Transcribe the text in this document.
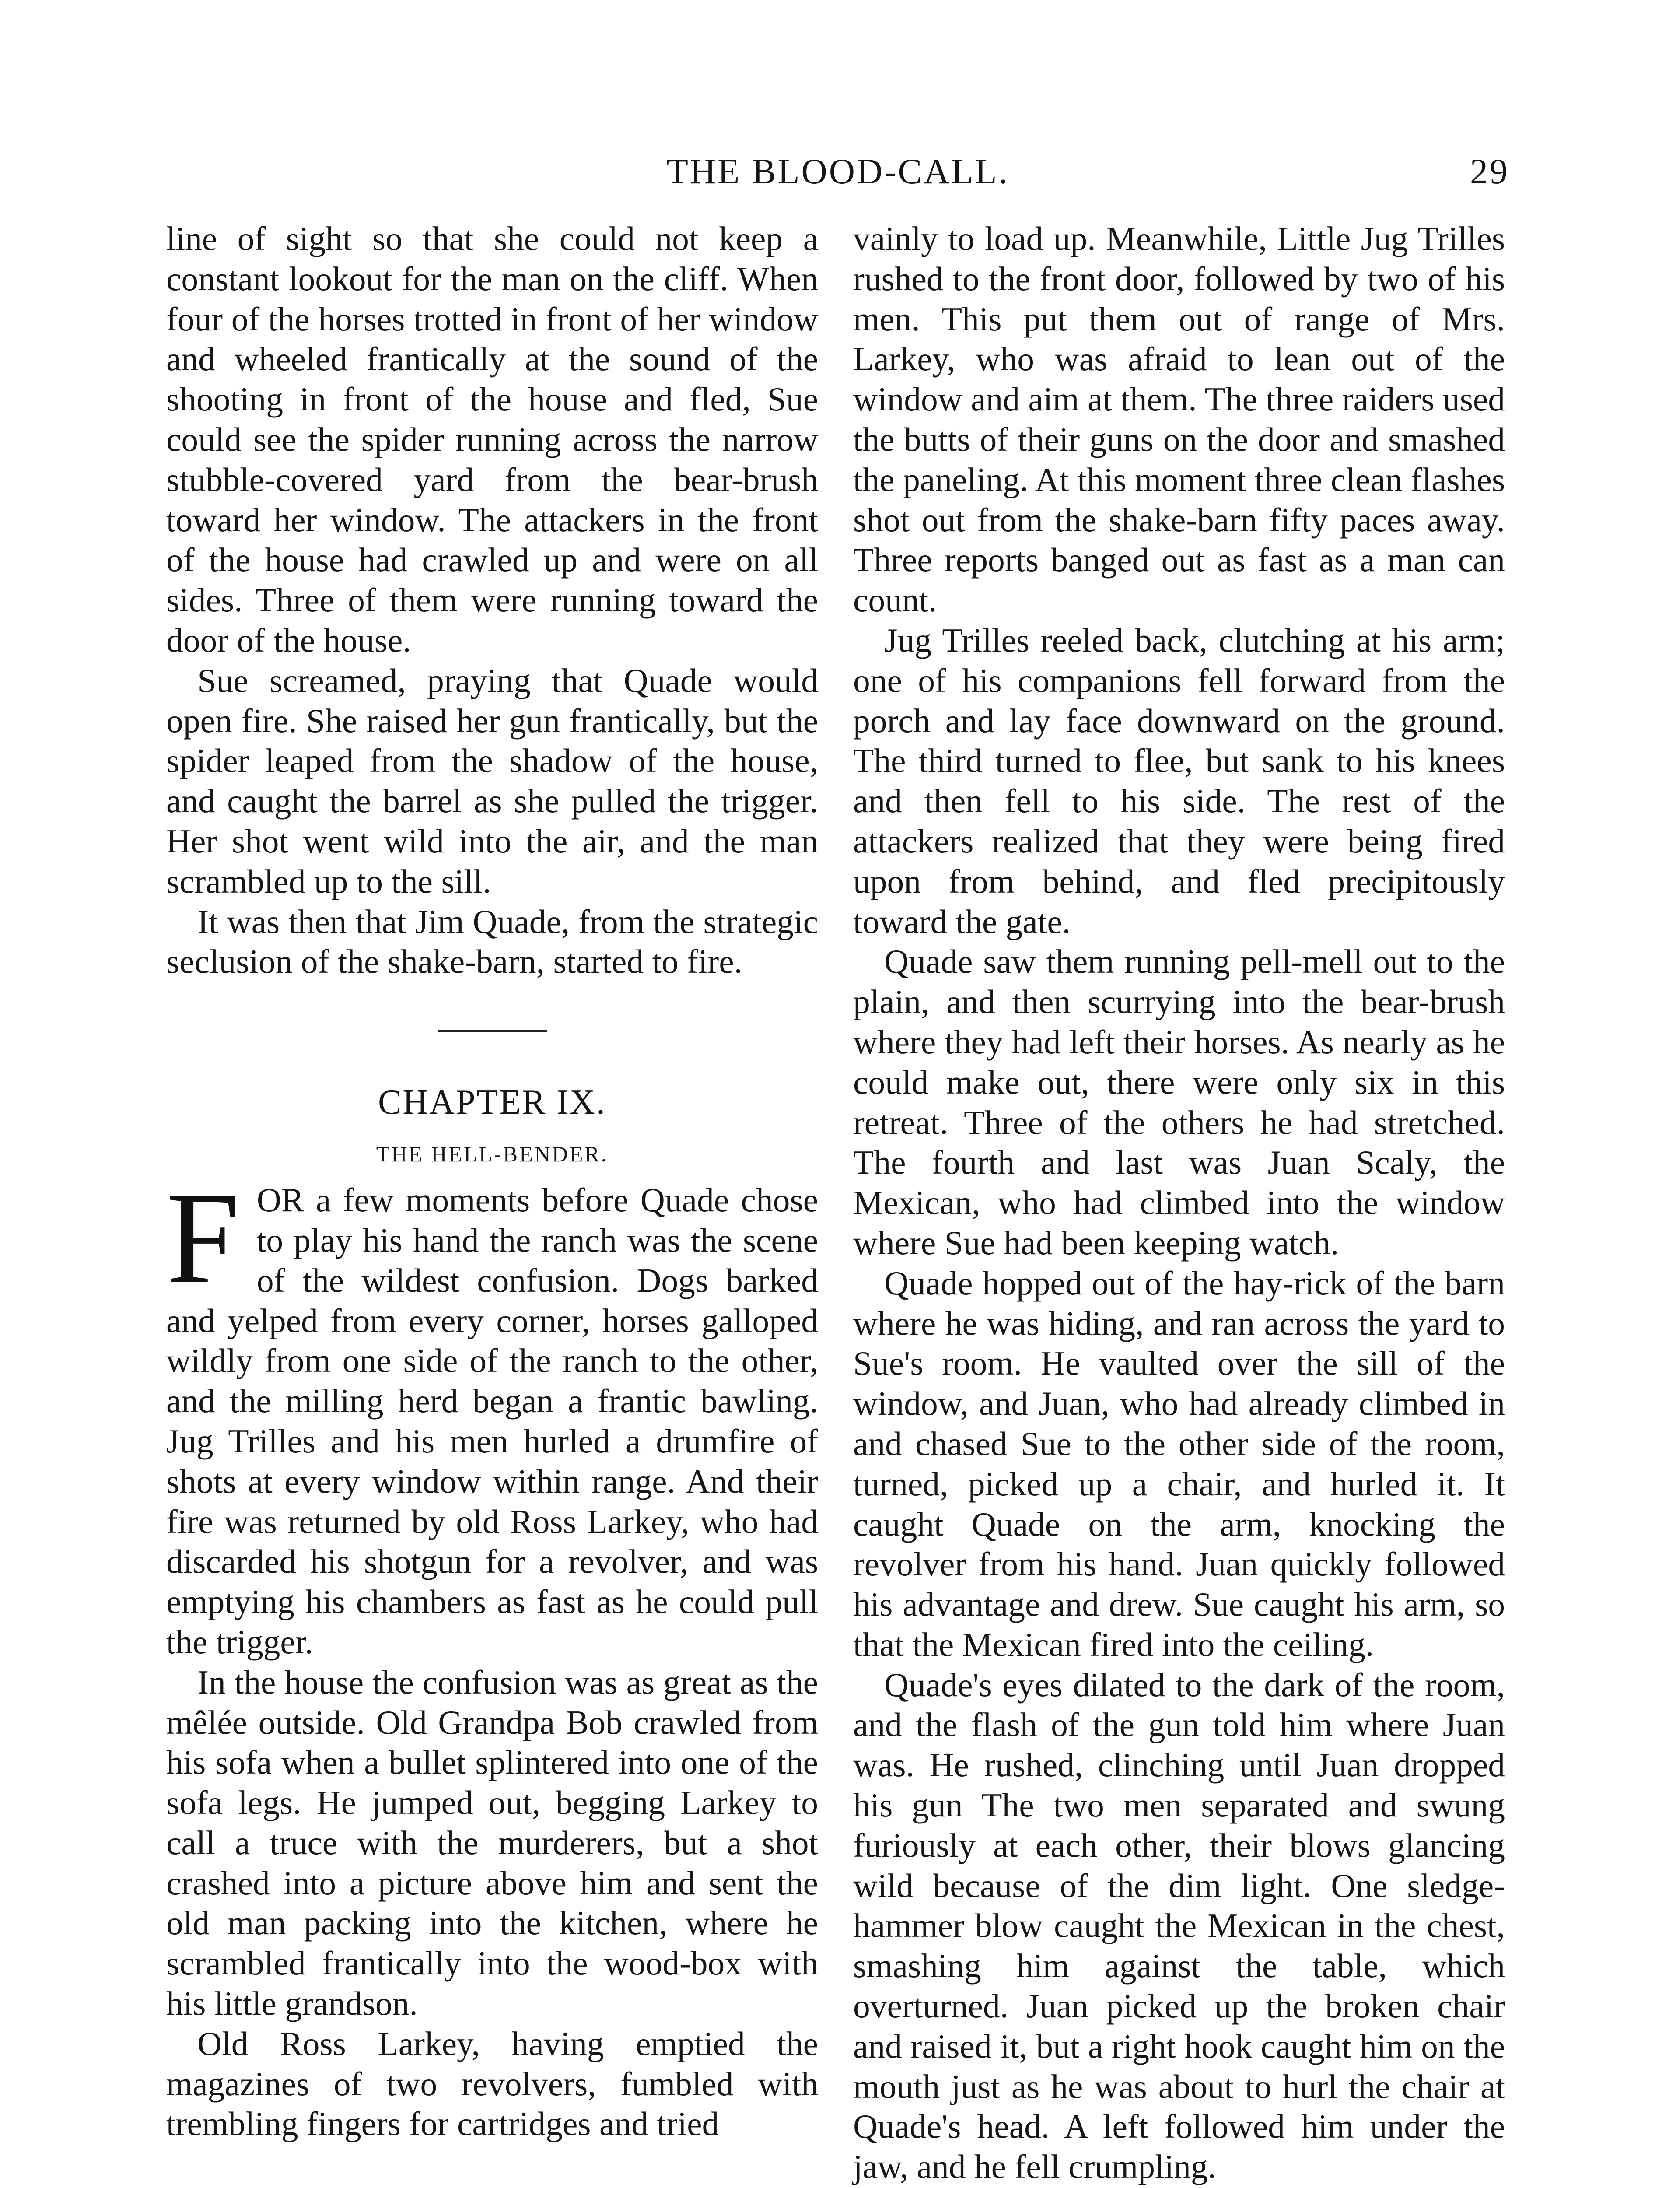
THE BLOOD-CALL.	29

line of sight so that she could not keep a constant lookout for the man on the cliff. When four of the horses trotted in front of her window and wheeled frantically at the sound of the shooting in front of the house and fled, Sue could see the spider running across the narrow stubble-covered yard from the bear-brush toward her window. The attackers in the front of the house had crawled up and were on all sides. Three of them were running toward the door of the house.

Sue screamed, praying that Quade would open fire. She raised her gun frantically, but the spider leaped from the shadow of the house, and caught the barrel as she pulled the trigger. Her shot went wild into the air, and the man scrambled up to the sill.

It was then that Jim Quade, from the strategic seclusion of the shake-barn, started to fire.

CHAPTER IX.
THE HELL-BENDER.

FOR a few moments before Quade chose to play his hand the ranch was the scene of the wildest confusion. Dogs barked and yelped from every corner, horses galloped wildly from one side of the ranch to the other, and the milling herd began a frantic bawling. Jug Trilles and his men hurled a drumfire of shots at every window within range. And their fire was returned by old Ross Larkey, who had discarded his shotgun for a revolver, and was emptying his chambers as fast as he could pull the trigger.

In the house the confusion was as great as the mêlée outside. Old Grandpa Bob crawled from his sofa when a bullet splintered into one of the sofa legs. He jumped out, begging Larkey to call a truce with the murderers, but a shot crashed into a picture above him and sent the old man packing into the kitchen, where he scrambled frantically into the wood-box with his little grandson.

Old Ross Larkey, having emptied the magazines of two revolvers, fumbled with trembling fingers for cartridges and tried

vainly to load up. Meanwhile, Little Jug Trilles rushed to the front door, followed by two of his men. This put them out of range of Mrs. Larkey, who was afraid to lean out of the window and aim at them. The three raiders used the butts of their guns on the door and smashed the paneling. At this moment three clean flashes shot out from the shake-barn fifty paces away. Three reports banged out as fast as a man can count.

Jug Trilles reeled back, clutching at his arm; one of his companions fell forward from the porch and lay face downward on the ground. The third turned to flee, but sank to his knees and then fell to his side. The rest of the attackers realized that they were being fired upon from behind, and fled precipitously toward the gate.

Quade saw them running pell-mell out to the plain, and then scurrying into the bear-brush where they had left their horses. As nearly as he could make out, there were only six in this retreat. Three of the others he had stretched. The fourth and last was Juan Scaly, the Mexican, who had climbed into the window where Sue had been keeping watch.

Quade hopped out of the hay-rick of the barn where he was hiding, and ran across the yard to Sue's room. He vaulted over the sill of the window, and Juan, who had already climbed in and chased Sue to the other side of the room, turned, picked up a chair, and hurled it. It caught Quade on the arm, knocking the revolver from his hand. Juan quickly followed his advantage and drew. Sue caught his arm, so that the Mexican fired into the ceiling.

Quade's eyes dilated to the dark of the room, and the flash of the gun told him where Juan was. He rushed, clinching until Juan dropped his gun The two men separated and swung furiously at each other, their blows glancing wild because of the dim light. One sledge-hammer blow caught the Mexican in the chest, smashing him against the table, which overturned. Juan picked up the broken chair and raised it, but a right hook caught him on the mouth just as he was about to hurl the chair at Quade's head. A left followed him under the jaw, and he fell crumpling.
